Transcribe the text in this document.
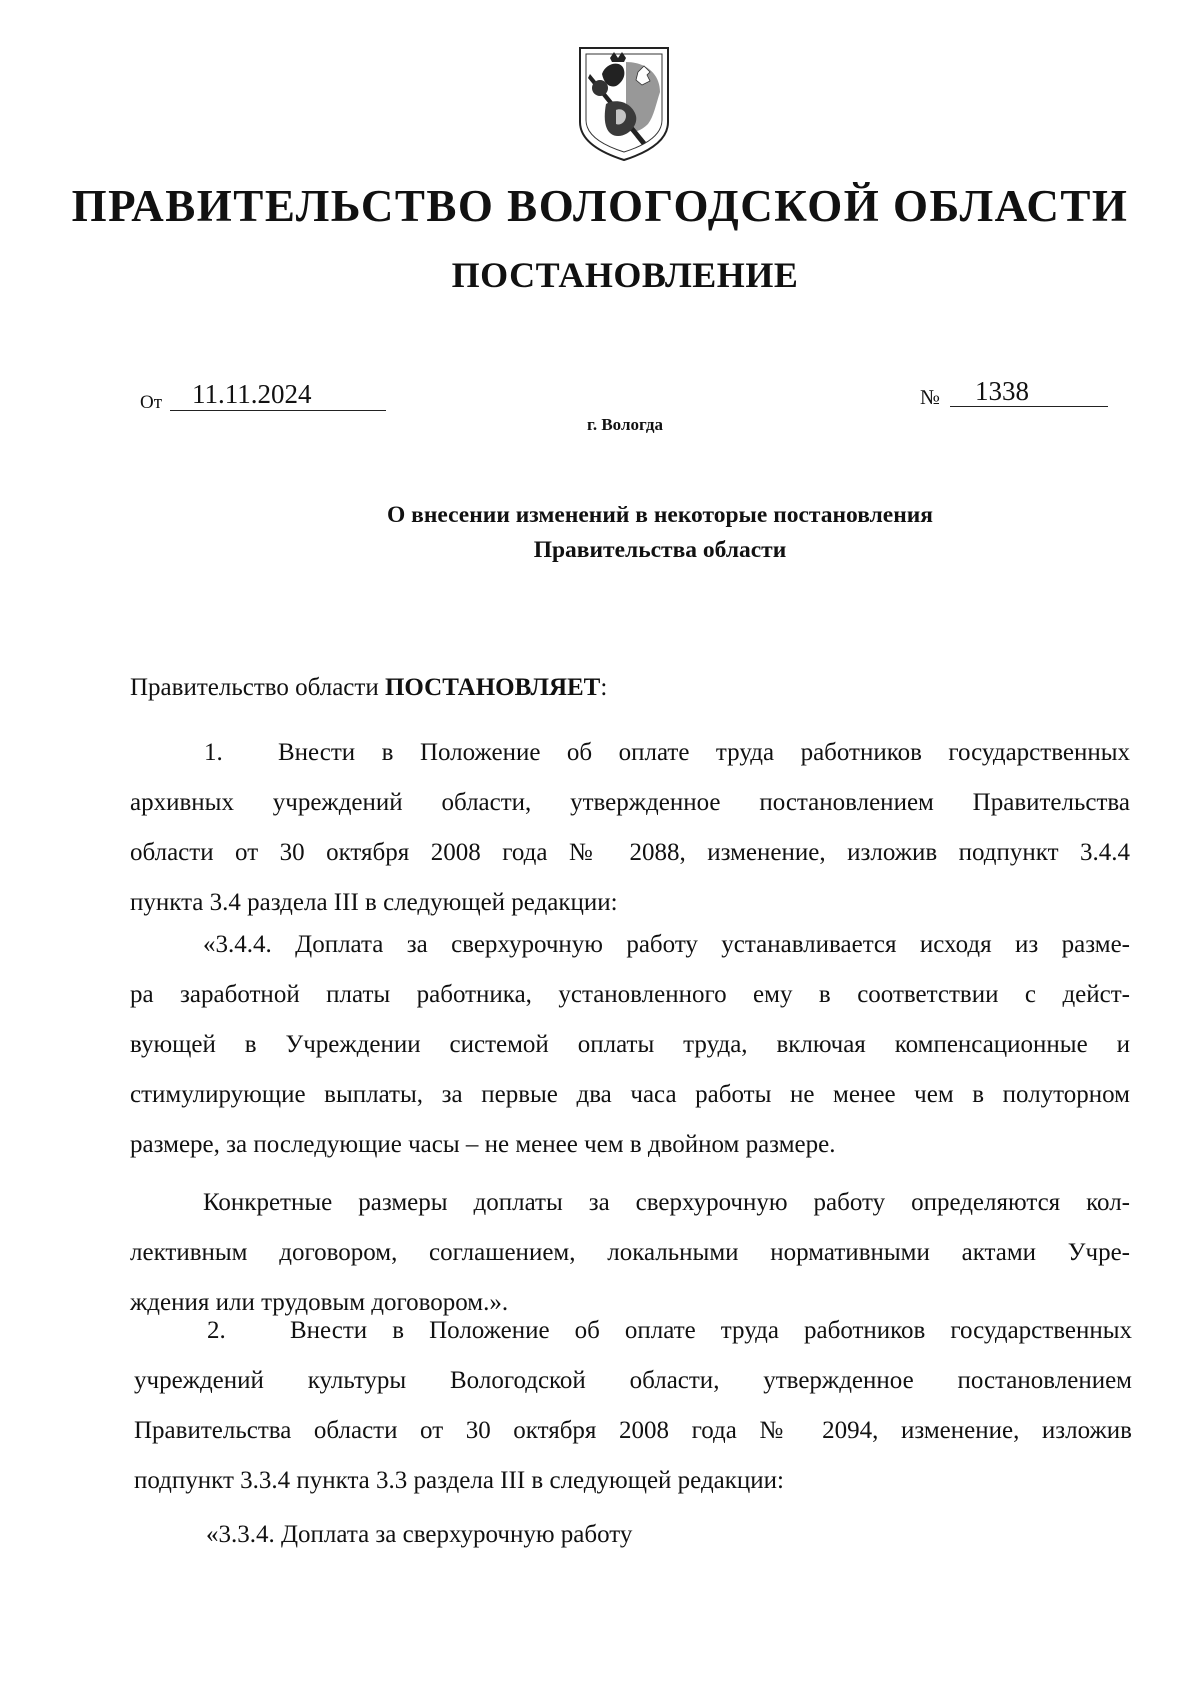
ПРАВИТЕЛЬСТВО ВОЛОГОДСКОЙ ОБЛАСТИ
ПОСТАНОВЛЕНИЕ
От 11.11.2024	№ 1338
г. Вологда
О внесении изменений в некоторые постановления
Правительства области
Правительство области ПОСТАНОВЛЯЕТ:
1. Внести в Положение об оплате труда работников государственных
архивных учреждений области, утвержденное постановлением Правительства
области от 30 октября 2008 года № 2088, изменение, изложив подпункт 3.4.4
пункта 3.4 раздела III в следующей редакции:
«3.4.4. Доплата за сверхурочную работу устанавливается исходя из разме-
ра заработной платы работника, установленного ему в соответствии с дейст-
вующей в Учреждении системой оплаты труда, включая компенсационные и
стимулирующие выплаты, за первые два часа работы не менее чем в полуторном
размере, за последующие часы – не менее чем в двойном размере.
Конкретные размеры доплаты за сверхурочную работу определяются кол-
лективным договором, соглашением, локальными нормативными актами Учре-
ждения или трудовым договором.».
2.	Внести в Положение об оплате труда работников государственных
учреждений культуры Вологодской области, утвержденное постановлением
Правительства области от 30 октября 2008 года № 2094, изменение, изложив
подпункт 3.3.4 пункта 3.3 раздела III в следующей редакции:
«3.3.4. Доплата за сверхурочную работу
